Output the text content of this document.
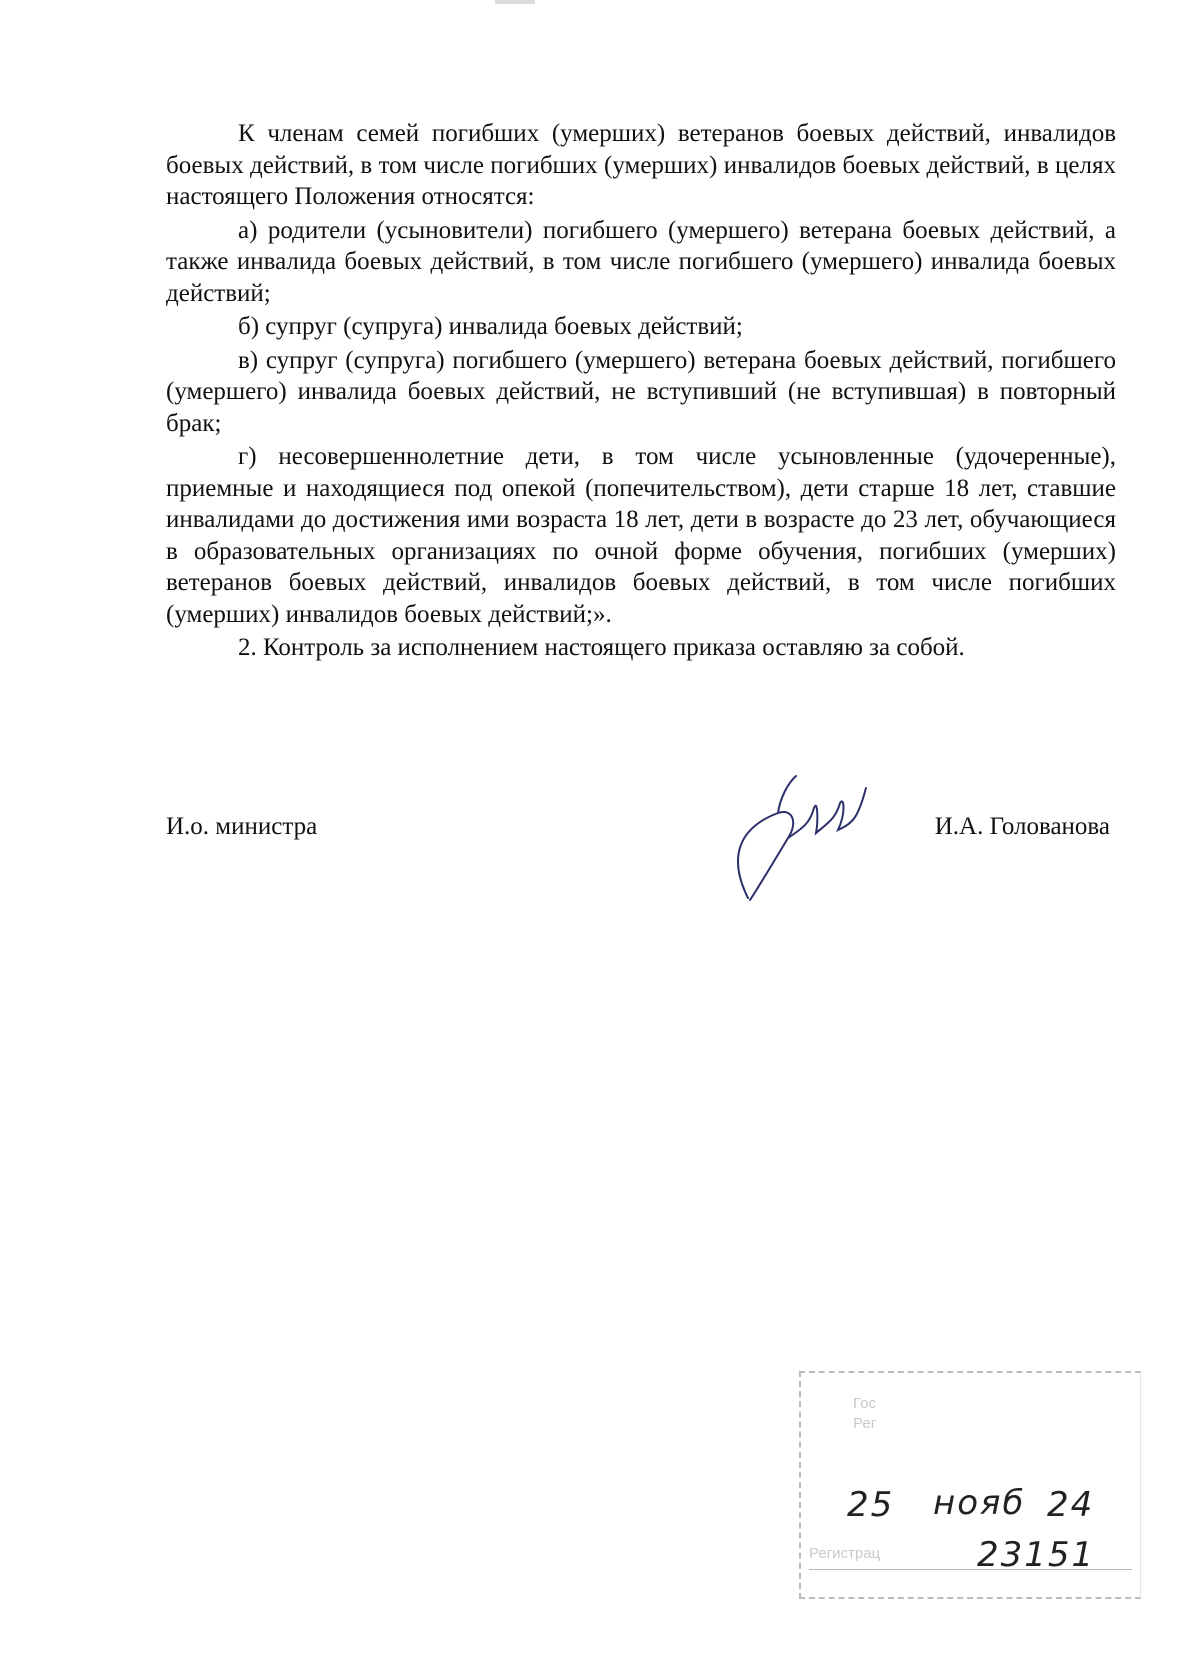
К членам семей погибших (умерших) ветеранов боевых действий, инвалидов боевых действий, в том числе погибших (умерших) инвалидов боевых действий, в целях настоящего Положения относятся:

а) родители (усыновители) погибшего (умершего) ветерана боевых действий, а также инвалида боевых действий, в том числе погибшего (умершего) инвалида боевых действий;

б) супруг (супруга) инвалида боевых действий;

в) супруг (супруга) погибшего (умершего) ветерана боевых действий, погибшего (умершего) инвалида боевых действий, не вступивший (не вступившая) в повторный брак;

г) несовершеннолетние дети, в том числе усыновленные (удочеренные), приемные и находящиеся под опекой (попечительством), дети старше 18 лет, ставшие инвалидами до достижения ими возраста 18 лет, дети в возрасте до 23 лет, обучающиеся в образовательных организациях по очной форме обучения, погибших (умерших) ветеранов боевых действий, инвалидов боевых действий, в том числе погибших (умерших) инвалидов боевых действий;».

2. Контроль за исполнением настоящего приказа оставляю за собой.

И.о. министра	И.А. Голованова
Гос
Рег
25 нояб 24
Регистрац	23151
